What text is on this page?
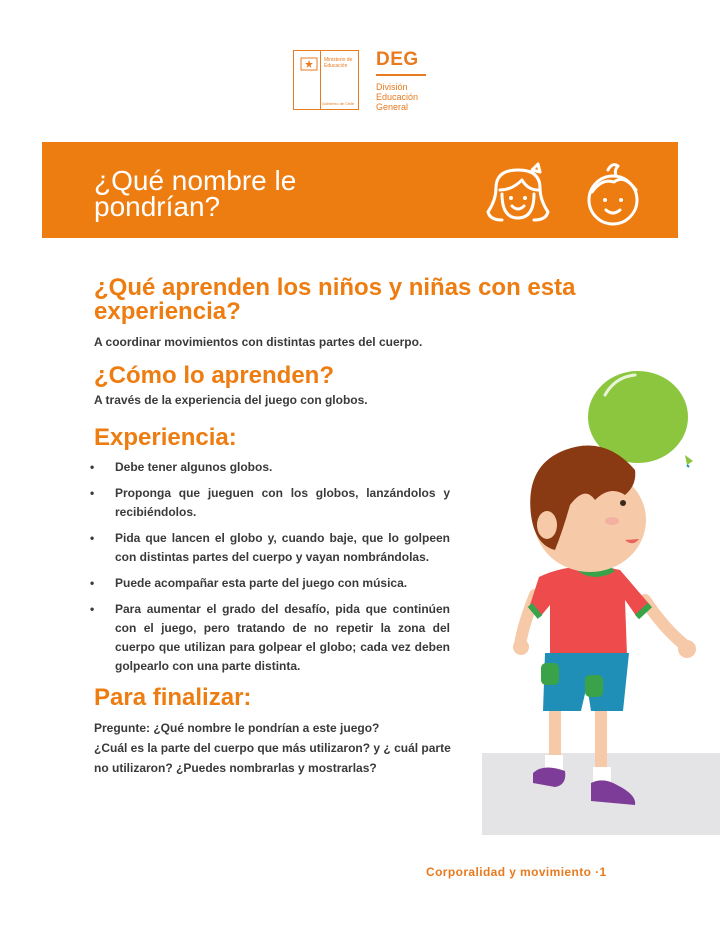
Ministerio de
Educación
Gobierno de Chile
DEG
División
Educación
General
¿Qué nombre le pondrían?
¿Qué aprenden los niños y niñas con esta experiencia?
A coordinar movimientos con distintas partes del cuerpo.
¿Cómo lo aprenden?
A través de la experiencia del juego con globos.
Experiencia:
• Debe tener algunos globos.
• Proponga que jueguen con los globos, lanzándolos y recibiéndolos.
• Pida que lancen el globo y, cuando baje, que lo golpeen con distintas partes del cuerpo y vayan nombrándolas.
• Puede acompañar esta parte del juego con música.
• Para aumentar el grado del desafío, pida que continúen con el juego, pero tratando de no repetir la zona del cuerpo que utilizan para golpear el globo; cada vez deben golpearlo con una parte distinta.
Para finalizar:
Pregunte: ¿Qué nombre le pondrían a este juego?
¿Cuál es la parte del cuerpo que más utilizaron? y ¿ cuál parte no utilizaron? ¿Puedes nombrarlas y mostrarlas?
Corporalidad y movimiento ·1
